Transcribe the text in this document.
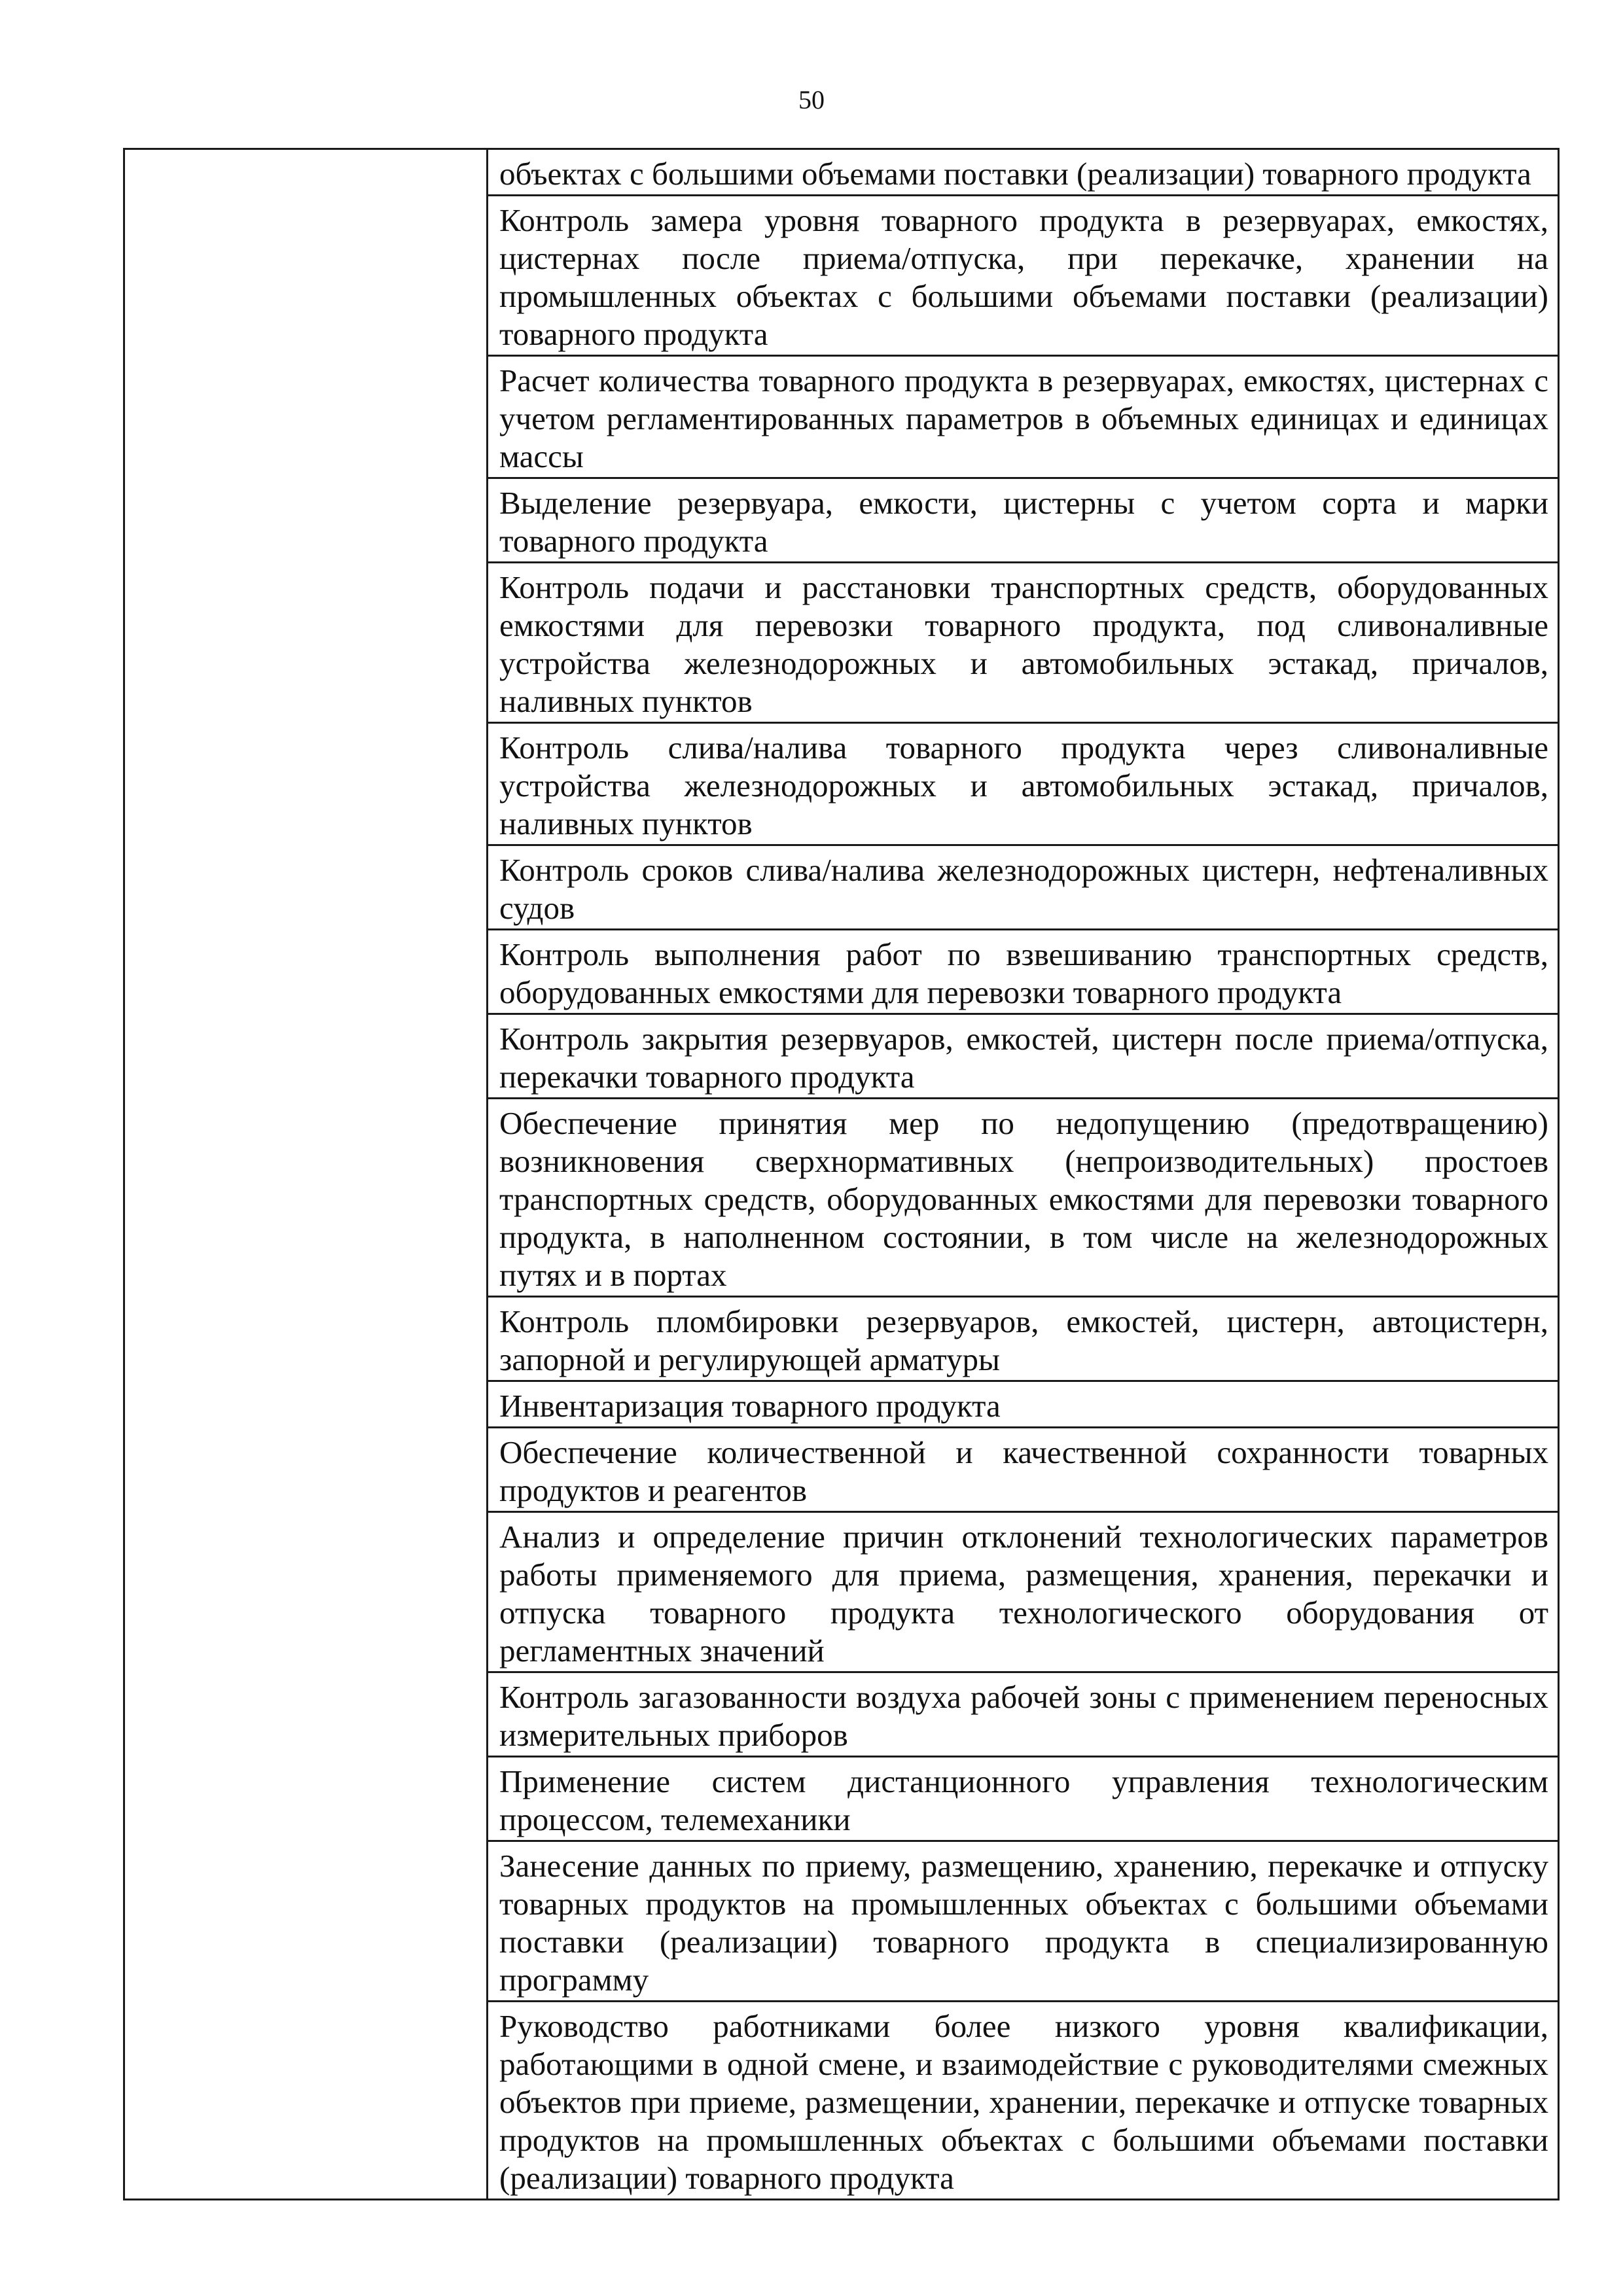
50

объектах с большими объемами поставки (реализации) товарного продукта

Контроль замера уровня товарного продукта в резервуарах, емкостях, цистернах после приема/отпуска, при перекачке, хранении на промышленных объектах с большими объемами поставки (реализации) товарного продукта

Расчет количества товарного продукта в резервуарах, емкостях, цистернах с учетом регламентированных параметров в объемных единицах и единицах массы

Выделение резервуара, емкости, цистерны с учетом сорта и марки товарного продукта

Контроль подачи и расстановки транспортных средств, оборудованных емкостями для перевозки товарного продукта, под сливоналивные устройства железнодорожных и автомобильных эстакад, причалов, наливных пунктов

Контроль слива/налива товарного продукта через сливоналивные устройства железнодорожных и автомобильных эстакад, причалов, наливных пунктов

Контроль сроков слива/налива железнодорожных цистерн, нефтеналивных судов

Контроль выполнения работ по взвешиванию транспортных средств, оборудованных емкостями для перевозки товарного продукта

Контроль закрытия резервуаров, емкостей, цистерн после приема/отпуска, перекачки товарного продукта

Обеспечение принятия мер по недопущению (предотвращению) возникновения сверхнормативных (непроизводительных) простоев транспортных средств, оборудованных емкостями для перевозки товарного продукта, в наполненном состоянии, в том числе на железнодорожных путях и в портах

Контроль пломбировки резервуаров, емкостей, цистерн, автоцистерн, запорной и регулирующей арматуры

Инвентаризация товарного продукта

Обеспечение количественной и качественной сохранности товарных продуктов и реагентов

Анализ и определение причин отклонений технологических параметров работы применяемого для приема, размещения, хранения, перекачки и отпуска товарного продукта технологического оборудования от регламентных значений

Контроль загазованности воздуха рабочей зоны с применением переносных измерительных приборов

Применение систем дистанционного управления технологическим процессом, телемеханики

Занесение данных по приему, размещению, хранению, перекачке и отпуску товарных продуктов на промышленных объектах с большими объемами поставки (реализации) товарного продукта в специализированную программу

Руководство работниками более низкого уровня квалификации, работающими в одной смене, и взаимодействие с руководителями смежных объектов при приеме, размещении, хранении, перекачке и отпуске товарных продуктов на промышленных объектах с большими объемами поставки (реализации) товарного продукта
